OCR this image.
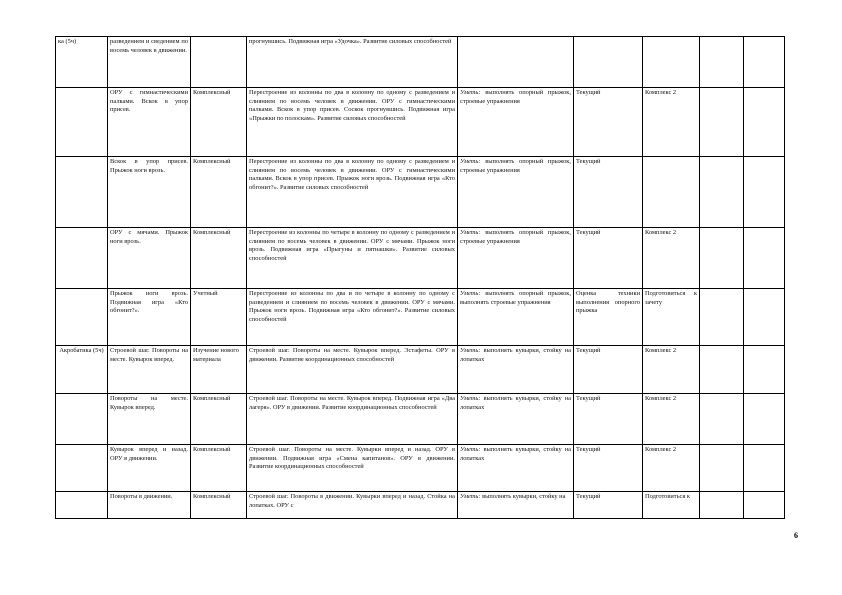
ка (5ч)	разведением и сведением по восемь человек в движении.		прогнувшись. Подвижная игра «Удочка». Развитие силовых способностей					
	ОРУ с гимнастическими палками. Вскок в упор присев.	Комплексный	Перестроение из колонны по два в колонну по одному с разведением и слиянием по восемь человек в движении. ОРУ с гимнастическими палками. Вскок в упор присев. Соскок прогнувшись. Подвижная игра «Прыжки по полоскам». Развитие силовых способностей	Уметь: выполнять опорный прыжок, строевые упражнения	Текущий	Комплекс 2		
	Вскок в упор присев. Прыжок ноги врозь.	Комплексный	Перестроение из колонны по два в колонну по одному с разведением и слиянием по восемь человек в движении. ОРУ с гимнастическими палками. Вскок в упор присев. Прыжок ноги врозь. Подвижная игра «Кто обгонит?». Развитие силовых способностей	Уметь: выполнять опорный прыжок, строевые упражнения	Текущий			
	ОРУ с мячами. Прыжок ноги врозь.	Комплексный	Перестроение из колонны по четыре в колонну по одному с разведением и слиянием по восемь человек в движении. ОРУ с мячами. Прыжок ноги врозь. Подвижная игра «Прыгуны и пятнашки». Развитие силовых способностей	Уметь: выполнять опорный прыжок, строевые упражнения	Текущий	Комплекс 2		
	Прыжок ноги врозь. Подвижная игра «Кто обгонит?».	Учетный	Перестроение из колонны по два и по четыре в колонну по одному с разведением и слиянием по восемь человек в движении. ОРУ с мячами. Прыжок ноги врозь. Подвижная игра «Кто обгонит?». Развитие силовых способностей	Уметь: выполнять опорный прыжок, выполнять строевые упражнения	Оценка техники выполнения опорного прыжка	Подготовиться к зачету		
Акробатика (5ч)	Строевой шаг. Повороты на месте. Кувырок вперед.	Изучение нового материала	Строевой шаг. Повороты на месте. Кувырок вперед. Эстафеты. ОРУ в движении. Развитие координационных способностей	Уметь: выполнять кувырки, стойку на лопатках	Текущий	Комплекс 2		
	Повороты на месте. Кувырок вперед.	Комплексный	Строевой шаг. Повороты на месте. Кувырок вперед. Подвижная игра «Два лагеря». ОРУ в движении. Развитие координационных способностей	Уметь: выполнять кувырки, стойку на лопатках	Текущий	Комплекс 2		
	Кувырок вперед и назад. ОРУ в движении.	Комплексный	Строевой шаг. Повороты на месте. Кувырки вперед и назад. ОРУ в движении. Подвижная игра «Смена капитанов». ОРУ в движении. Развитие координационных способностей	Уметь: выполнять кувырки, стойку на лопатках	Текущий	Комплекс 2		
	Повороты в движении.	Комплексный	Строевой шаг. Повороты в движении. Кувырки вперед и назад. Стойка на лопатках. ОРУ с	Уметь: выполнять кувырки, стойку на	Текущий	Подготовиться к		
6
